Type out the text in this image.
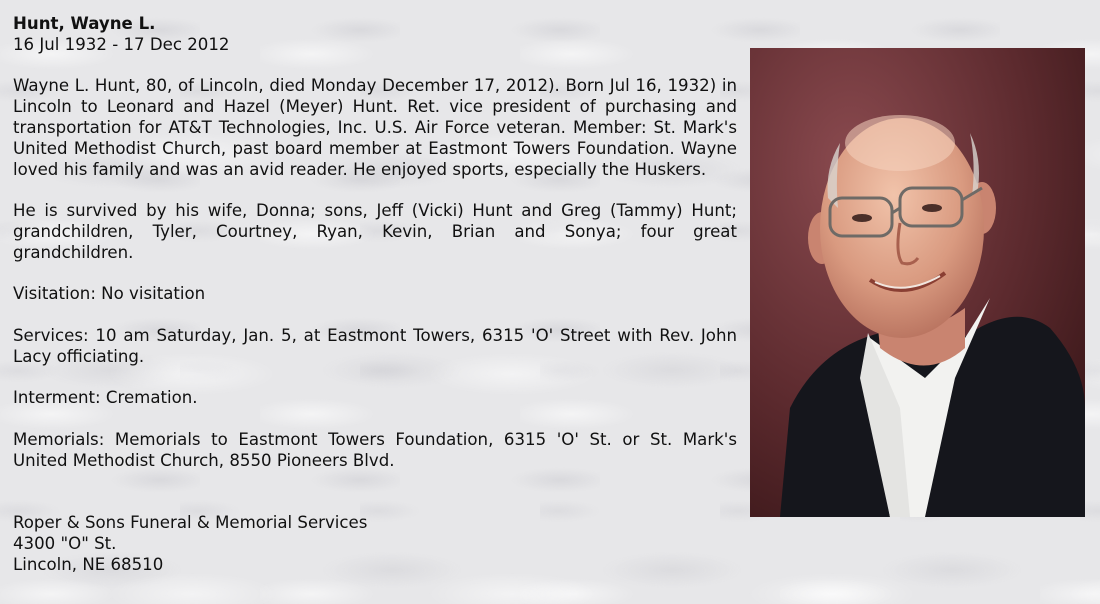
Hunt, Wayne L.
16 Jul 1932 - 17 Dec 2012

Wayne L. Hunt, 80, of Lincoln, died Monday December 17, 2012). Born Jul 16, 1932) in Lincoln to Leonard and Hazel (Meyer) Hunt. Ret. vice president of purchasing and transportation for AT&T Technologies, Inc. U.S. Air Force veteran. Member: St. Mark's United Methodist Church, past board member at Eastmont Towers Foundation. Wayne loved his family and was an avid reader. He enjoyed sports, especially the Huskers.

He is survived by his wife, Donna; sons, Jeff (Vicki) Hunt and Greg (Tammy) Hunt; grandchildren, Tyler, Courtney, Ryan, Kevin, Brian and Sonya; four great grandchildren.

Visitation: No visitation

Services: 10 am Saturday, Jan. 5, at Eastmont Towers, 6315 'O' Street with Rev. John Lacy officiating.

Interment: Cremation.

Memorials: Memorials to Eastmont Towers Foundation, 6315 'O' St. or St. Mark's United Methodist Church, 8550 Pioneers Blvd.

Roper & Sons Funeral & Memorial Services
4300 "O" St.
Lincoln, NE 68510
